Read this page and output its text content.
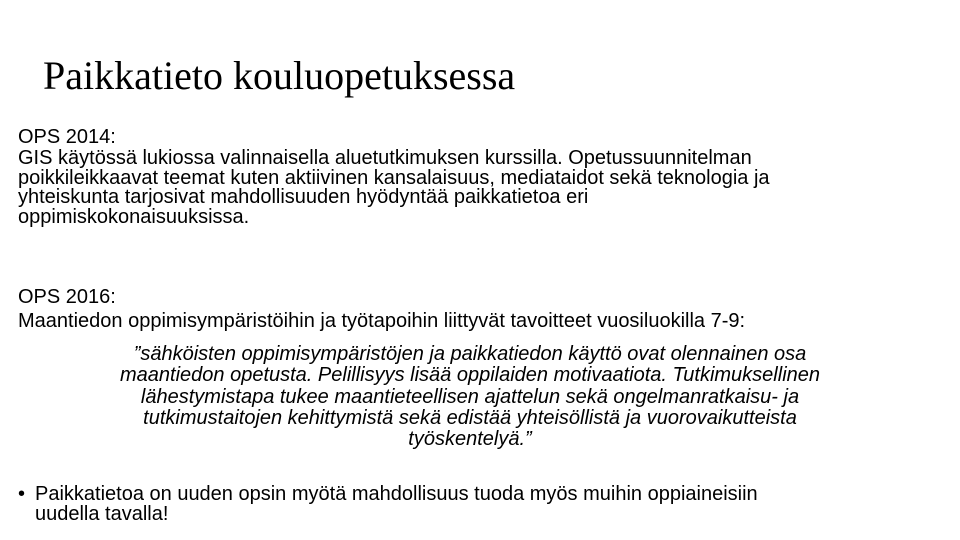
Paikkatieto kouluopetuksessa
OPS 2014:
GIS käytössä lukiossa valinnaisella aluetutkimuksen kurssilla. Opetussuunnitelman
poikkileikkaavat teemat kuten aktiivinen kansalaisuus, mediataidot sekä teknologia ja
yhteiskunta tarjosivat mahdollisuuden hyödyntää paikkatietoa eri
oppimiskokonaisuuksissa.
OPS 2016:
Maantiedon oppimisympäristöihin ja työtapoihin liittyvät tavoitteet vuosiluokilla 7-9:
”sähköisten oppimisympäristöjen ja paikkatiedon käyttö ovat olennainen osa
maantiedon opetusta. Pelillisyys lisää oppilaiden motivaatiota. Tutkimuksellinen
lähestymistapa tukee maantieteellisen ajattelun sekä ongelmanratkaisu- ja
tutkimustaitojen kehittymistä sekä edistää yhteisöllistä ja vuorovaikutteista
työskentelyä.”
• Paikkatietoa on uuden opsin myötä mahdollisuus tuoda myös muihin oppiaineisiin
uudella tavalla!
